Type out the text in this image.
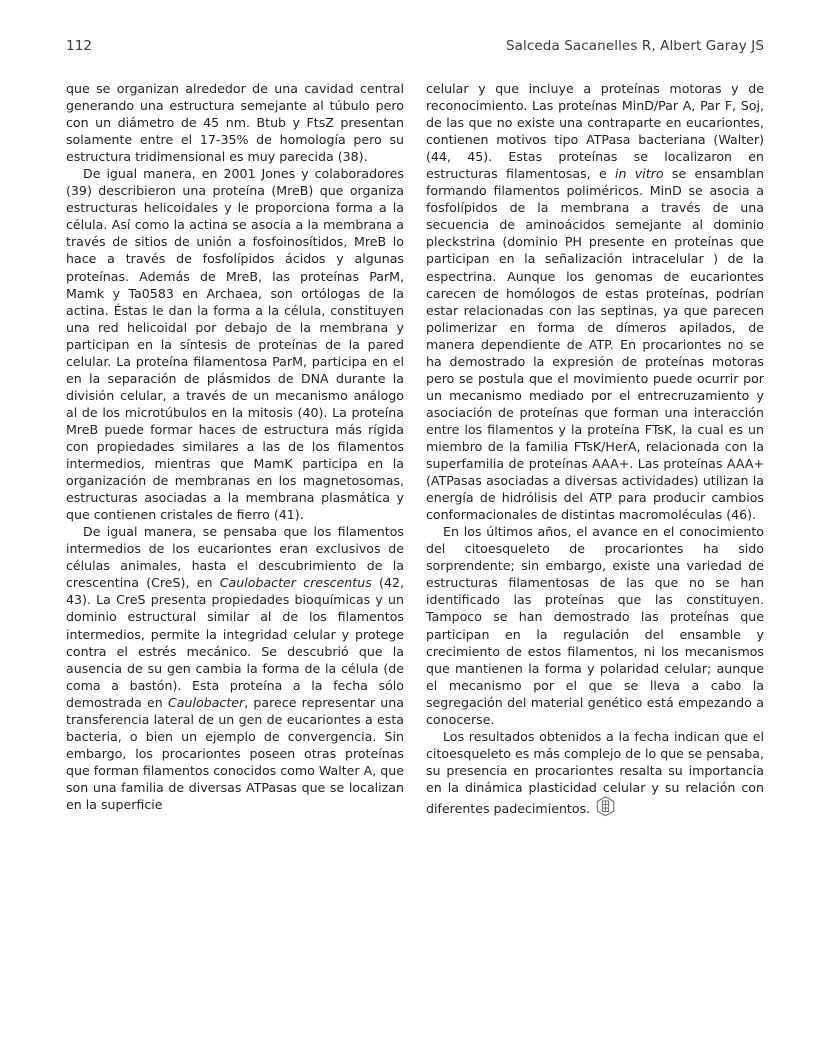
112	Salceda Sacanelles R, Albert Garay JS

que se organizan alrededor de una cavidad central generando una estructura semejante al túbulo pero con un diámetro de 45 nm. Btub y FtsZ presentan solamente entre el 17-35% de homología pero su estructura tridimensional es muy parecida (38).

De igual manera, en 2001 Jones y colaboradores (39) describieron una proteína (MreB) que organiza estructuras helicoidales y le proporciona forma a la célula. Así como la actina se asocia a la membrana a través de sitios de unión a fosfoinosítidos, MreB lo hace a través de fosfolípidos ácidos y algunas proteínas. Además de MreB, las proteínas ParM, Mamk y Ta0583 en Archaea, son ortólogas de la actina. Éstas le dan la forma a la célula, constituyen una red helicoidal por debajo de la membrana y participan en la síntesis de proteínas de la pared celular. La proteína filamentosa ParM, participa en el en la separación de plásmidos de DNA durante la división celular, a través de un mecanismo análogo al de los microtúbulos en la mitosis (40). La proteína MreB puede formar haces de estructura más rígida con propiedades similares a las de los filamentos intermedios, mientras que MamK participa en la organización de membranas en los magnetosomas, estructuras asociadas a la membrana plasmática y que contienen cristales de fierro (41).

De igual manera, se pensaba que los filamentos intermedios de los eucariontes eran exclusivos de células animales, hasta el descubrimiento de la crescentina (CreS), en Caulobacter crescentus (42, 43). La CreS presenta propiedades bioquímicas y un dominio estructural similar al de los filamentos intermedios, permite la integridad celular y protege contra el estrés mecánico. Se descubrió que la ausencia de su gen cambia la forma de la célula (de coma a bastón). Esta proteína a la fecha sólo demostrada en Caulobacter, parece representar una transferencia lateral de un gen de eucariontes a esta bacteria, o bien un ejemplo de convergencia. Sin embargo, los procariontes poseen otras proteínas que forman filamentos conocidos como Walter A, que son una familia de diversas ATPasas que se localizan en la superficie

celular y que incluye a proteínas motoras y de reconocimiento. Las proteínas MinD/Par A, Par F, Soj, de las que no existe una contraparte en eucariontes, contienen motivos tipo ATPasa bacteriana (Walter) (44, 45). Estas proteínas se localizaron en estructuras filamentosas, e in vitro se ensamblan formando filamentos poliméricos. MinD se asocia a fosfolípidos de la membrana a través de una secuencia de aminoácidos semejante al dominio pleckstrina (dominio PH presente en proteínas que participan en la señalización intracelular ) de la espectrina. Aunque los genomas de eucariontes carecen de homólogos de estas proteínas, podrían estar relacionadas con las septinas, ya que parecen polimerizar en forma de dímeros apilados, de manera dependiente de ATP. En procariontes no se ha demostrado la expresión de proteínas motoras pero se postula que el movimiento puede ocurrir por un mecanismo mediado por el entrecruzamiento y asociación de proteínas que forman una interacción entre los filamentos y la proteína FTsK, la cual es un miembro de la familia FTsK/HerA, relacionada con la superfamilia de proteínas AAA+. Las proteínas AAA+ (ATPasas asociadas a diversas actividades) utilizan la energía de hidrólisis del ATP para producir cambios conformacionales de distintas macromoléculas (46).

En los últimos años, el avance en el conocimiento del citoesqueleto de procariontes ha sido sorprendente; sin embargo, existe una variedad de estructuras filamentosas de las que no se han identificado las proteínas que las constituyen. Tampoco se han demostrado las proteínas que participan en la regulación del ensamble y crecimiento de estos filamentos, ni los mecanismos que mantienen la forma y polaridad celular; aunque el mecanismo por el que se lleva a cabo la segregación del material genético está empezando a conocerse.

Los resultados obtenidos a la fecha indican que el citoesqueleto es más complejo de lo que se pensaba, su presencia en procariontes resalta su importancia en la dinámica plasticidad celular y su relación con diferentes padecimientos.
